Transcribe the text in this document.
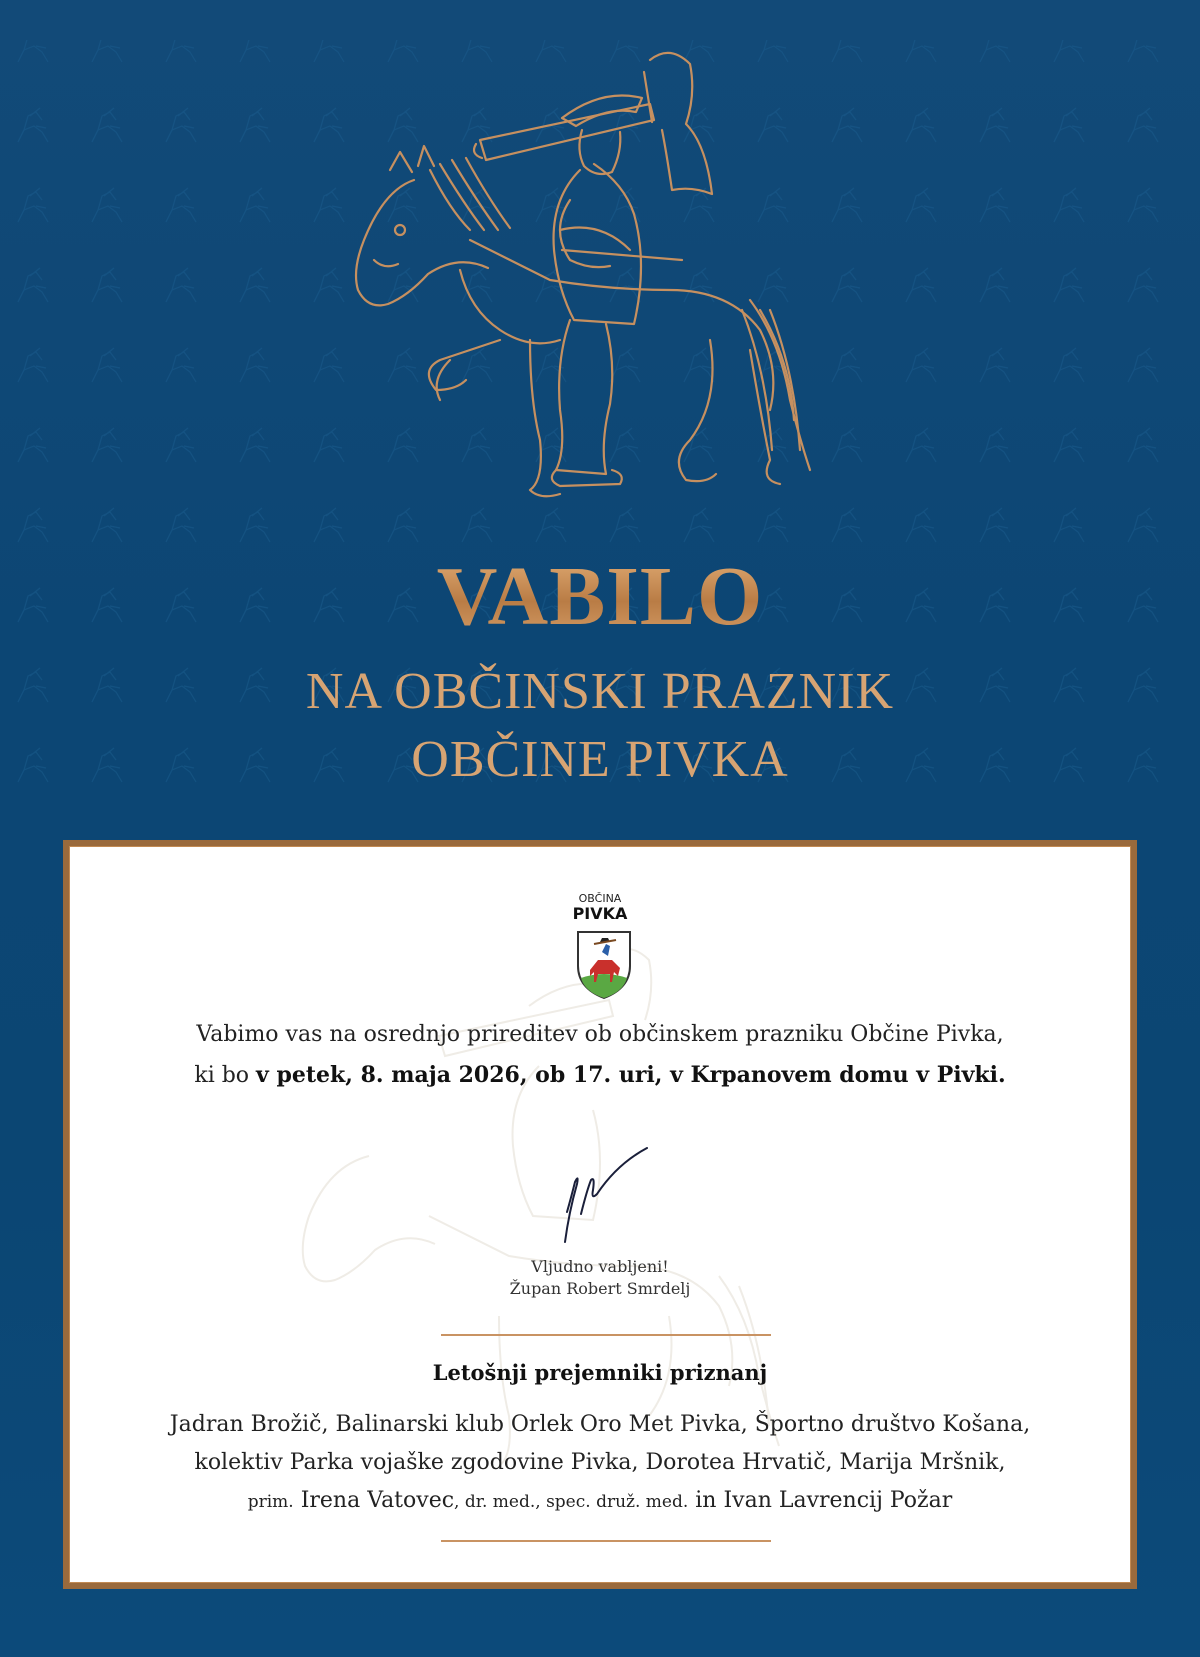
VABILO
NA OBČINSKI PRAZNIK
OBČINE PIVKA
OBČINA
PIVKA
Vabimo vas na osrednjo prireditev ob občinskem prazniku Občine Pivka,
ki bo v petek, 8. maja 2026, ob 17. uri, v Krpanovem domu v Pivki.
Vljudno vabljeni!
Župan Robert Smrdelj
Letošnji prejemniki priznanj
Jadran Brožič, Balinarski klub Orlek Oro Met Pivka, Športno društvo Košana,
kolektiv Parka vojaške zgodovine Pivka, Dorotea Hrvatič, Marija Mršnik,
prim. Irena Vatovec, dr. med., spec. druž. med. in Ivan Lavrencij Požar
